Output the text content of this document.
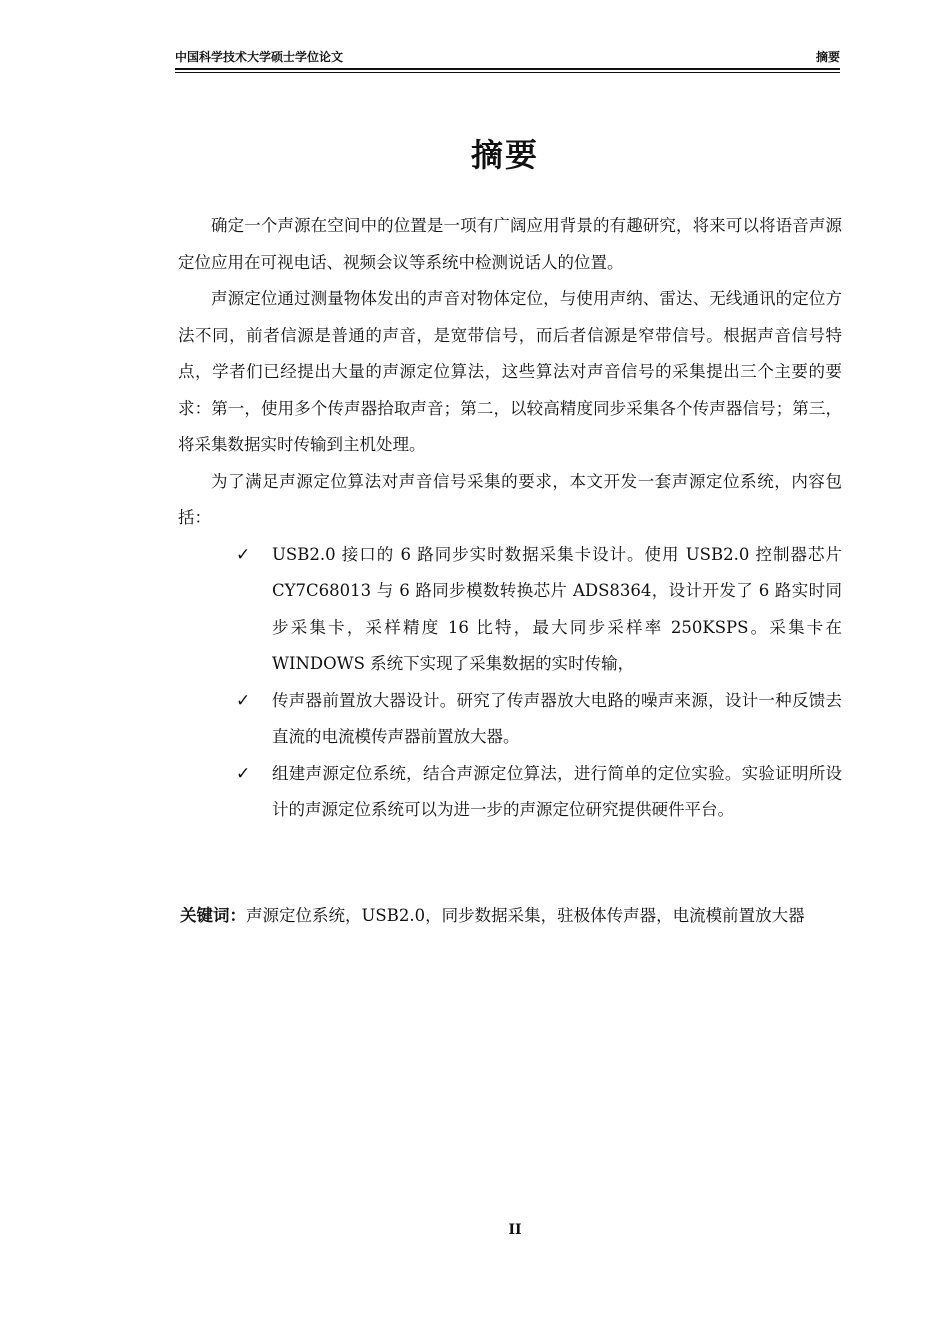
中国科学技术大学硕士学位论文	摘要
摘要

确定一个声源在空间中的位置是一项有广阔应用背景的有趣研究，将来可以将语音声源定位应用在可视电话、视频会议等系统中检测说话人的位置。

声源定位通过测量物体发出的声音对物体定位，与使用声纳、雷达、无线通讯的定位方法不同，前者信源是普通的声音，是宽带信号，而后者信源是窄带信号。根据声音信号特点，学者们已经提出大量的声源定位算法，这些算法对声音信号的采集提出三个主要的要求：第一，使用多个传声器拾取声音；第二，以较高精度同步采集各个传声器信号；第三，将采集数据实时传输到主机处理。

为了满足声源定位算法对声音信号采集的要求，本文开发一套声源定位系统，内容包括：

✓ USB2.0 接口的 6 路同步实时数据采集卡设计。使用 USB2.0 控制器芯片 CY7C68013 与 6 路同步模数转换芯片 ADS8364，设计开发了 6 路实时同步采集卡，采样精度 16 比特，最大同步采样率 250KSPS。采集卡在 WINDOWS 系统下实现了采集数据的实时传输，
✓ 传声器前置放大器设计。研究了传声器放大电路的噪声来源，设计一种反馈去直流的电流模传声器前置放大器。
✓ 组建声源定位系统，结合声源定位算法，进行简单的定位实验。实验证明所设计的声源定位系统可以为进一步的声源定位研究提供硬件平台。
关键词：声源定位系统，USB2.0，同步数据采集，驻极体传声器，电流模前置放大器
II
